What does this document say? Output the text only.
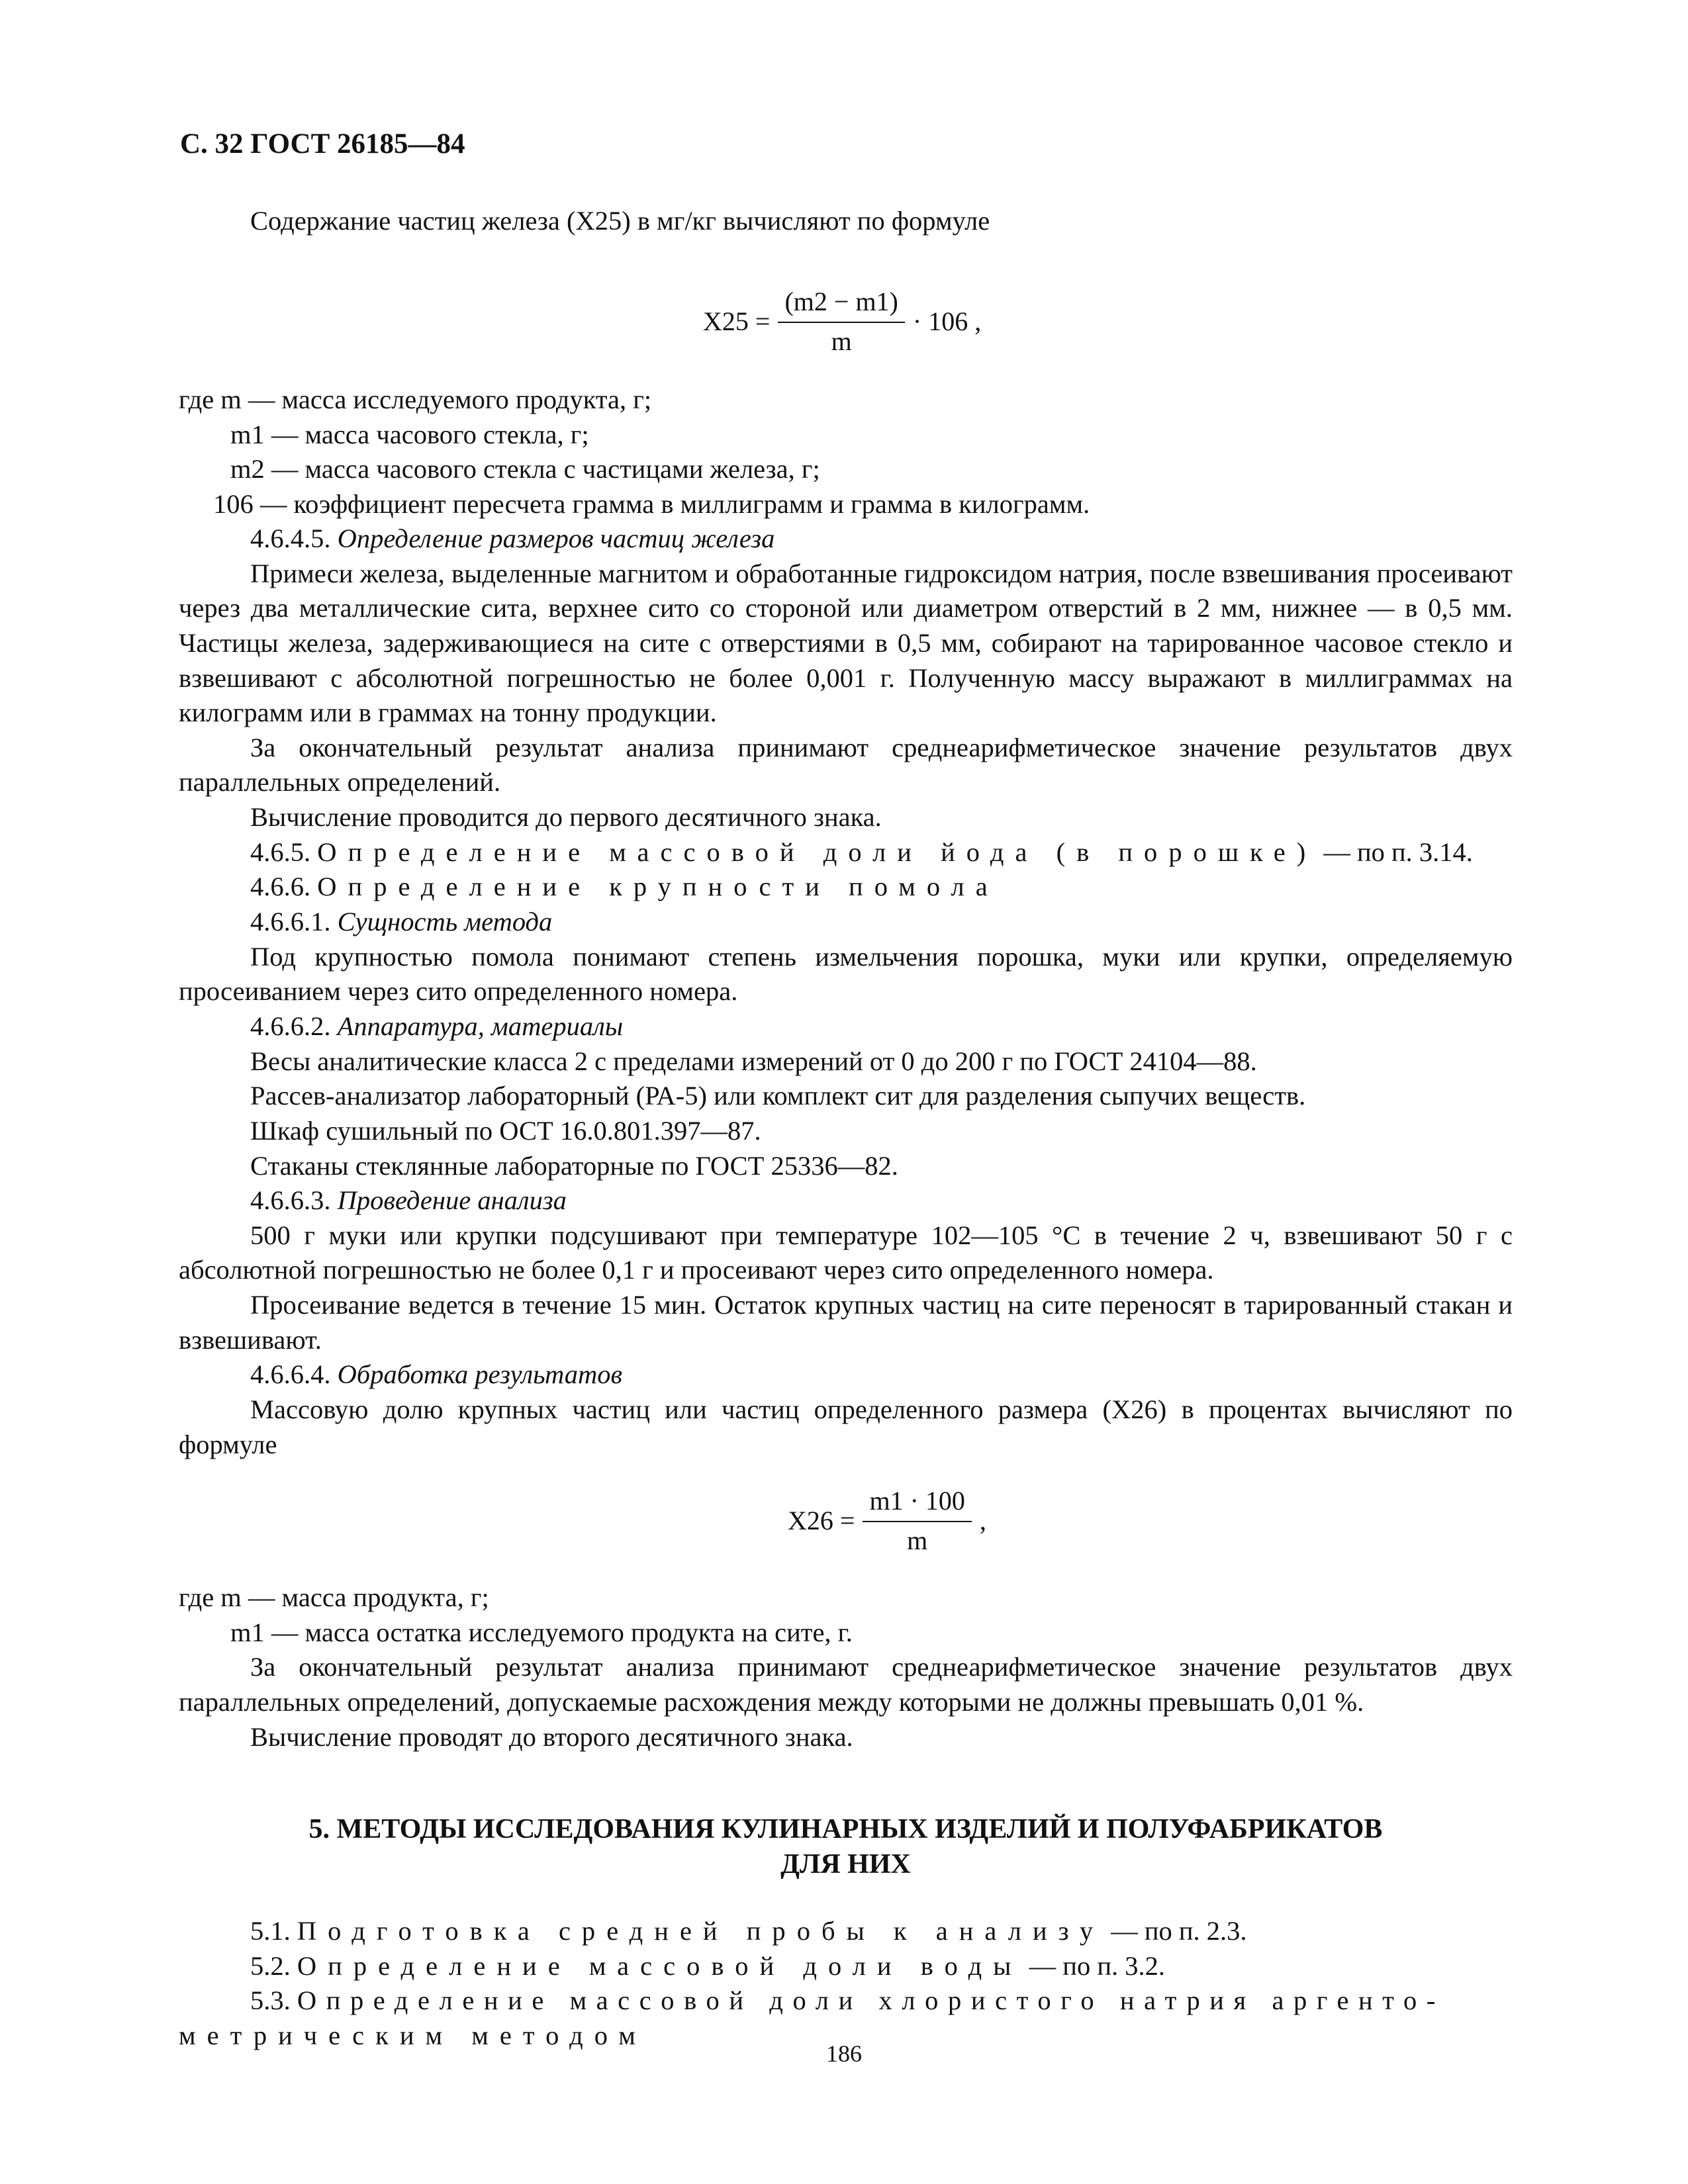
С. 32 ГОСТ 26185—84

Содержание частиц железа (X25) в мг/кг вычисляют по формуле

$X25 = \frac{(m2 - m1)}{m} \cdot 106$ ,

где m — масса исследуемого продукта, г;

m1 — масса часового стекла, г;

m2 — масса часового стекла с частицами железа, г;

106 — коэффициент пересчета грамма в миллиграмм и грамма в килограмм.

4.6.4.5. Определение размеров частиц железа

Примеси железа, выделенные магнитом и обработанные гидроксидом натрия, после взвешивания просеивают через два металлические сита, верхнее сито со стороной или диаметром отверстий в 2 мм, нижнее — в 0,5 мм. Частицы железа, задерживающиеся на сите с отверстиями в 0,5 мм, собирают на тарированное часовое стекло и взвешивают с абсолютной погрешностью не более 0,001 г. Полученную массу выражают в миллиграммах на килограмм или в граммах на тонну продукции.

За окончательный результат анализа принимают среднеарифметическое значение результатов двух параллельных определений.

Вычисление проводится до первого десятичного знака.

4.6.5. Определение массовой доли йода (в порошке) — по п. 3.14.

4.6.6. Определение крупности помола

4.6.6.1. Сущность метода

Под крупностью помола понимают степень измельчения порошка, муки или крупки, определяемую просеиванием через сито определенного номера.

4.6.6.2. Аппаратура, материалы

Весы аналитические класса 2 с пределами измерений от 0 до 200 г по ГОСТ 24104—88.

Рассев-анализатор лабораторный (РА-5) или комплект сит для разделения сыпучих веществ.

Шкаф сушильный по ОСТ 16.0.801.397—87.

Стаканы стеклянные лабораторные по ГОСТ 25336—82.

4.6.6.3. Проведение анализа

500 г муки или крупки подсушивают при температуре 102—105 °С в течение 2 ч, взвешивают 50 г с абсолютной погрешностью не более 0,1 г и просеивают через сито определенного номера.

Просеивание ведется в течение 15 мин. Остаток крупных частиц на сите переносят в тарированный стакан и взвешивают.

4.6.6.4. Обработка результатов

Массовую долю крупных частиц или частиц определенного размера (X26) в процентах вычисляют по формуле

$X26 = \frac{m1 \cdot 100}{m}$ ,

где m — масса продукта, г;

m1 — масса остатка исследуемого продукта на сите, г.

За окончательный результат анализа принимают среднеарифметическое значение результатов двух параллельных определений, допускаемые расхождения между которыми не должны превышать 0,01 %.

Вычисление проводят до второго десятичного знака.

5. МЕТОДЫ ИССЛЕДОВАНИЯ КУЛИНАРНЫХ ИЗДЕЛИЙ И ПОЛУФАБРИКАТОВ
ДЛЯ НИХ

5.1. Подготовка средней пробы к анализу — по п. 2.3.

5.2. Определение массовой доли воды — по п. 3.2.

5.3. Определение массовой доли хлористого натрия аргенто-

метрическим методом

186
